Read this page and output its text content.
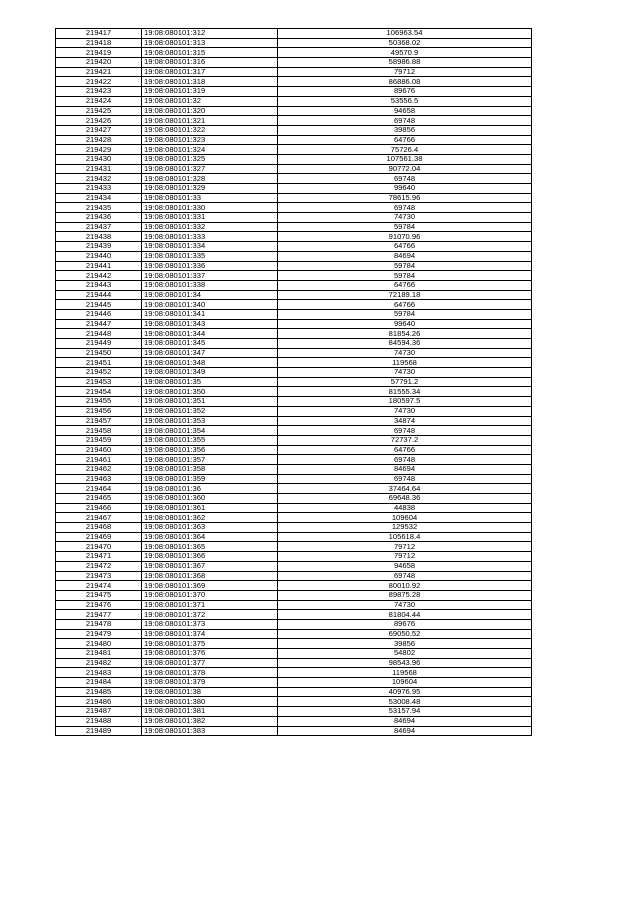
219417	19:08:080101:312	106963.54
219418	19:08:080101:313	50368.02
219419	19:08:080101:315	49570.9
219420	19:08:080101:316	58986.88
219421	19:08:080101:317	79712
219422	19:08:080101:318	86886.08
219423	19:08:080101:319	89676
219424	19:08:080101:32	53556.5
219425	19:08:080101:320	94658
219426	19:08:080101:321	69748
219427	19:08:080101:322	39856
219428	19:08:080101:323	64766
219429	19:08:080101:324	75726.4
219430	19:08:080101:325	107561.38
219431	19:08:080101:327	90772.04
219432	19:08:080101:328	69748
219433	19:08:080101:329	99640
219434	19:08:080101:33	78615.96
219435	19:08:080101:330	69748
219436	19:08:080101:331	74730
219437	19:08:080101:332	59784
219438	19:08:080101:333	91070.96
219439	19:08:080101:334	64766
219440	19:08:080101:335	84694
219441	19:08:080101:336	59784
219442	19:08:080101:337	59784
219443	19:08:080101:338	64766
219444	19:08:080101:34	72189.18
219445	19:08:080101:340	64766
219446	19:08:080101:341	59784
219447	19:08:080101:343	99640
219448	19:08:080101:344	81854.26
219449	19:08:080101:345	84594.36
219450	19:08:080101:347	74730
219451	19:08:080101:348	119568
219452	19:08:080101:349	74730
219453	19:08:080101:35	57791.2
219454	19:08:080101:350	81555.34
219455	19:08:080101:351	180597.5
219456	19:08:080101:352	74730
219457	19:08:080101:353	34874
219458	19:08:080101:354	69748
219459	19:08:080101:355	72737.2
219460	19:08:080101:356	64766
219461	19:08:080101:357	69748
219462	19:08:080101:358	84694
219463	19:08:080101:359	69748
219464	19:08:080101:36	37464.64
219465	19:08:080101:360	69648.36
219466	19:08:080101:361	44838
219467	19:08:080101:362	109604
219468	19:08:080101:363	129532
219469	19:08:080101:364	105618.4
219470	19:08:080101:365	79712
219471	19:08:080101:366	79712
219472	19:08:080101:367	94658
219473	19:08:080101:368	69748
219474	19:08:080101:369	80010.92
219475	19:08:080101:370	89875.28
219476	19:08:080101:371	74730
219477	19:08:080101:372	81804.44
219478	19:08:080101:373	89676
219479	19:08:080101:374	69050.52
219480	19:08:080101:375	39856
219481	19:08:080101:376	54802
219482	19:08:080101:377	98543.96
219483	19:08:080101:378	119568
219484	19:08:080101:379	109604
219485	19:08:080101:38	40976.95
219486	19:08:080101:380	53008.48
219487	19:08:080101:381	53157.94
219488	19:08:080101:382	84694
219489	19:08:080101:383	84694
